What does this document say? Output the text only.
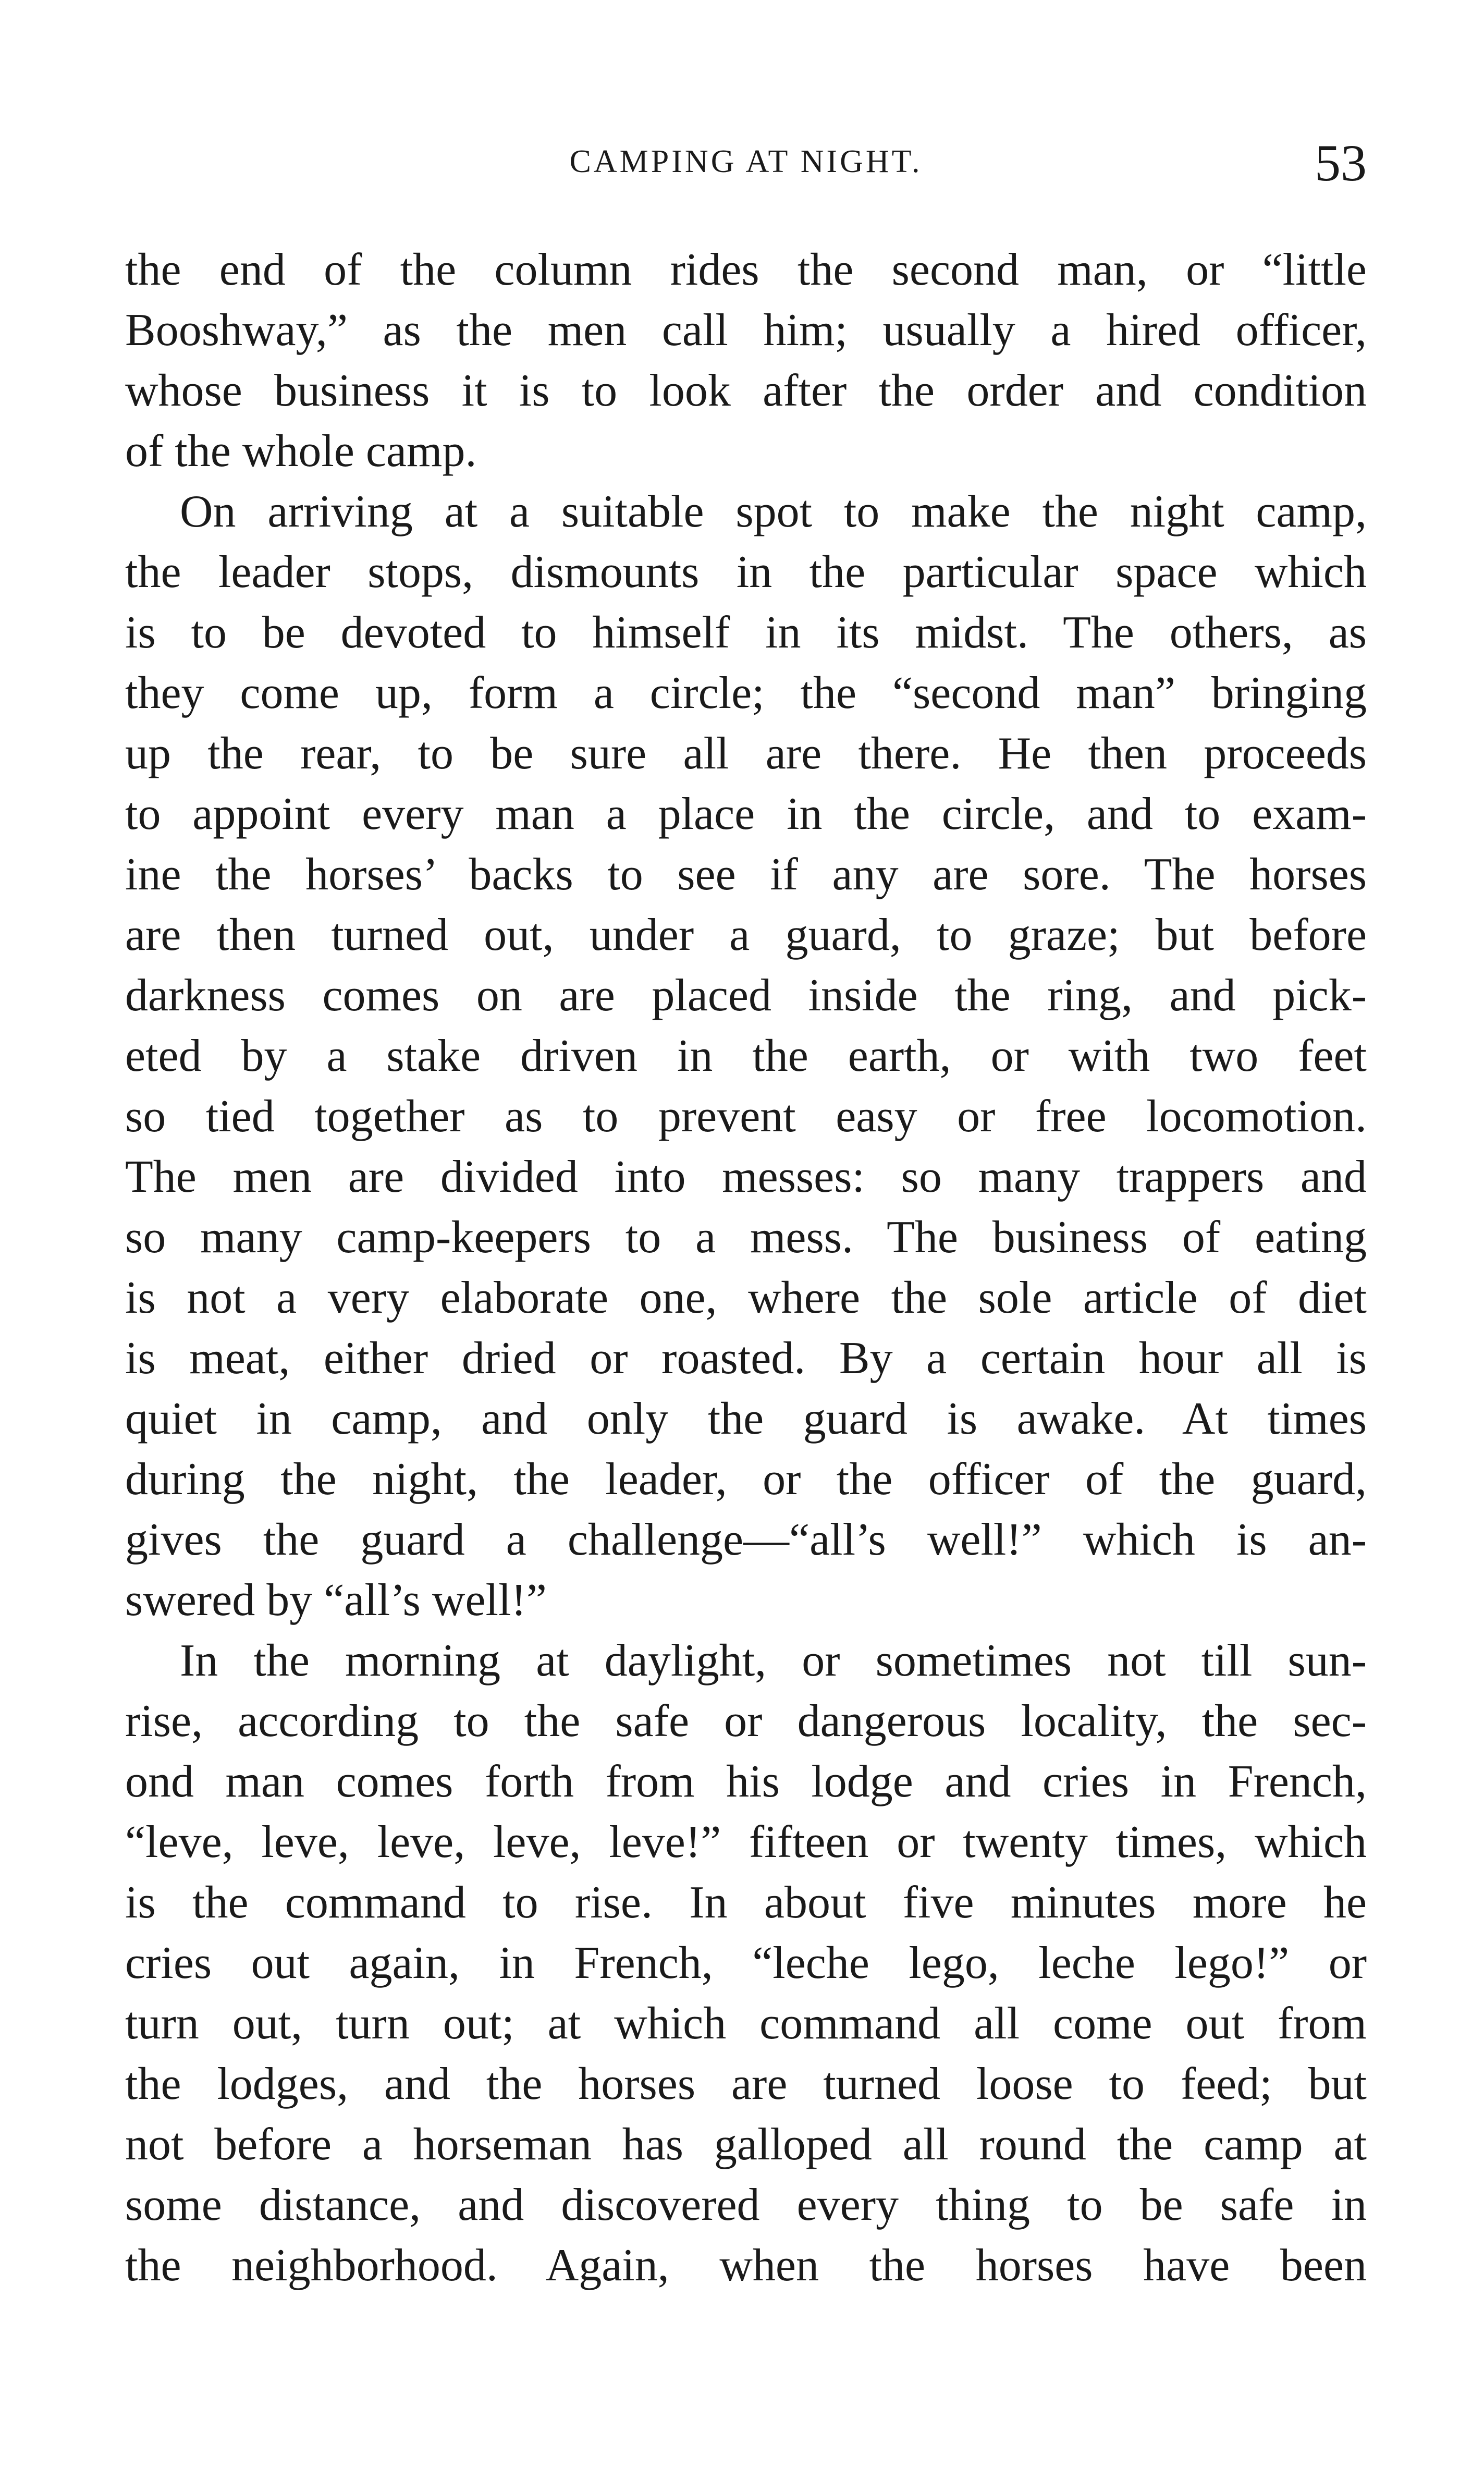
CAMPING AT NIGHT.	53
the end of the column rides the second man, or “little
Booshway,” as the men call him; usually a hired officer,
whose business it is to look after the order and condition
of the whole camp.
On arriving at a suitable spot to make the night camp,
the leader stops, dismounts in the particular space which
is to be devoted to himself in its midst. The others, as
they come up, form a circle; the “second man” bringing
up the rear, to be sure all are there. He then proceeds
to appoint every man a place in the circle, and to exam-
ine the horses’ backs to see if any are sore. The horses
are then turned out, under a guard, to graze; but before
darkness comes on are placed inside the ring, and pick-
eted by a stake driven in the earth, or with two feet
so tied together as to prevent easy or free locomotion.
The men are divided into messes: so many trappers and
so many camp-keepers to a mess. The business of eating
is not a very elaborate one, where the sole article of diet
is meat, either dried or roasted. By a certain hour all is
quiet in camp, and only the guard is awake. At times
during the night, the leader, or the officer of the guard,
gives the guard a challenge—“all’s well!” which is an-
swered by “all’s well!”
In the morning at daylight, or sometimes not till sun-
rise, according to the safe or dangerous locality, the sec-
ond man comes forth from his lodge and cries in French,
“leve, leve, leve, leve, leve!” fifteen or twenty times, which
is the command to rise. In about five minutes more he
cries out again, in French, “leche lego, leche lego!” or
turn out, turn out; at which command all come out from
the lodges, and the horses are turned loose to feed; but
not before a horseman has galloped all round the camp at
some distance, and discovered every thing to be safe in
the neighborhood. Again, when the horses have been
